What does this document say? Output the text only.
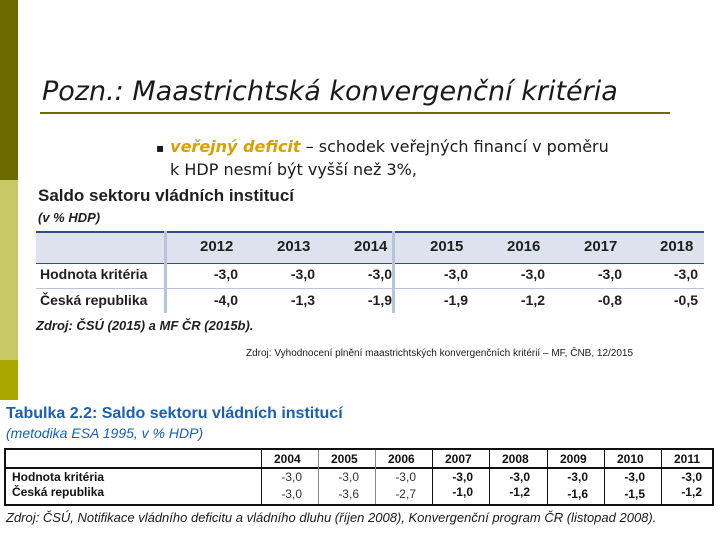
Pozn.: Maastrichtská konvergenční kritéria
▪ veřejný deficit – schodek veřejných financí v poměru
k HDP nesmí být vyšší než 3%,
Saldo sektoru vládních institucí
(v % HDP)
2012	2013	2014	2015	2016	2017	2018
Hodnota kritéria	-3,0	-3,0	-3,0	-3,0	-3,0	-3,0	-3,0
Česká republika	-4,0	-1,3	-1,9	-1,9	-1,2	-0,8	-0,5
Zdroj: ČSÚ (2015) a MF ČR (2015b).
Zdroj: Vyhodnocení plnění maastrichtských konvergenčních kritérií – MF, ČNB, 12/2015
Tabulka 2.2: Saldo sektoru vládních institucí
(metodika ESA 1995, v % HDP)
2004	2005	2006	2007	2008	2009	2010	2011
Hodnota kritéria	-3,0	-3,0	-3,0	-3,0	-3,0	-3,0	-3,0	-3,0
Česká republika	-3,0	-3,6	-2,7	-1,0	-1,2	-1,6	-1,5	-1,2
Zdroj: ČSÚ, Notifikace vládního deficitu a vládního dluhu (říjen 2008), Konvergenční program ČR (listopad 2008).
